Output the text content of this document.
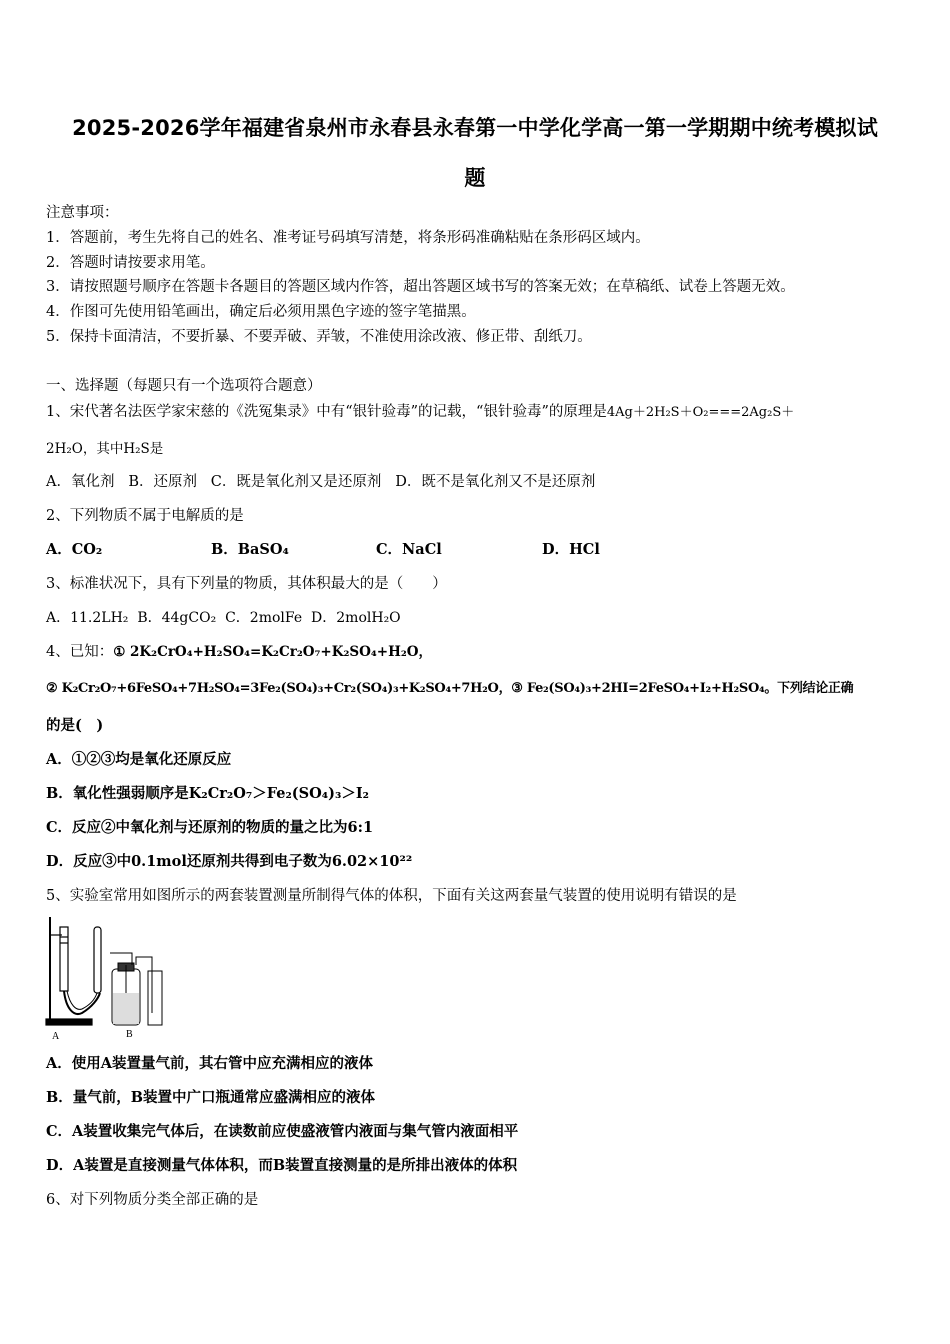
2025-2026学年福建省泉州市永春县永春第一中学化学高一第一学期期中统考模拟试
题
注意事项：
1．答题前，考生先将自己的姓名、准考证号码填写清楚，将条形码准确粘贴在条形码区域内。
2．答题时请按要求用笔。
3．请按照题号顺序在答题卡各题目的答题区域内作答，超出答题区域书写的答案无效；在草稿纸、试卷上答题无效。
4．作图可先使用铅笔画出，确定后必须用黑色字迹的签字笔描黑。
5．保持卡面清洁，不要折暴、不要弄破、弄皱，不准使用涂改液、修正带、刮纸刀。
一、选择题（每题只有一个选项符合题意）
1、宋代著名法医学家宋慈的《洗冤集录》中有“银针验毒”的记载，“银针验毒”的原理是4Ag＋2H₂S＋O₂===2Ag₂S＋
2H₂O，其中H₂S是
A．氧化剂 B．还原剂 C．既是氧化剂又是还原剂 D．既不是氧化剂又不是还原剂
2、下列物质不属于电解质的是
A．CO₂	B．BaSO₄	C．NaCl	D．HCl
3、标准状况下，具有下列量的物质，其体积最大的是（　　）
A．11.2LH₂ B．44gCO₂ C．2molFe D．2molH₂O
4、已知：① 2K₂CrO₄+H₂SO₄=K₂Cr₂O₇+K₂SO₄+H₂O，
② K₂Cr₂O₇+6FeSO₄+7H₂SO₄=3Fe₂(SO₄)₃+Cr₂(SO₄)₃+K₂SO₄+7H₂O，③ Fe₂(SO₄)₃+2HI=2FeSO₄+I₂+H₂SO₄。下列结论正确
的是(　)
A．①②③均是氧化还原反应
B．氧化性强弱顺序是K₂Cr₂O₇＞Fe₂(SO₄)₃＞I₂
C．反应②中氧化剂与还原剂的物质的量之比为6:1
D．反应③中0.1mol还原剂共得到电子数为6.02×10²²
5、实验室常用如图所示的两套装置测量所制得气体的体积，下面有关这两套量气装置的使用说明有错误的是
A	B
A．使用A装置量气前，其右管中应充满相应的液体
B．量气前，B装置中广口瓶通常应盛满相应的液体
C．A装置收集完气体后，在读数前应使盛液管内液面与集气管内液面相平
D．A装置是直接测量气体体积，而B装置直接测量的是所排出液体的体积
6、对下列物质分类全部正确的是
